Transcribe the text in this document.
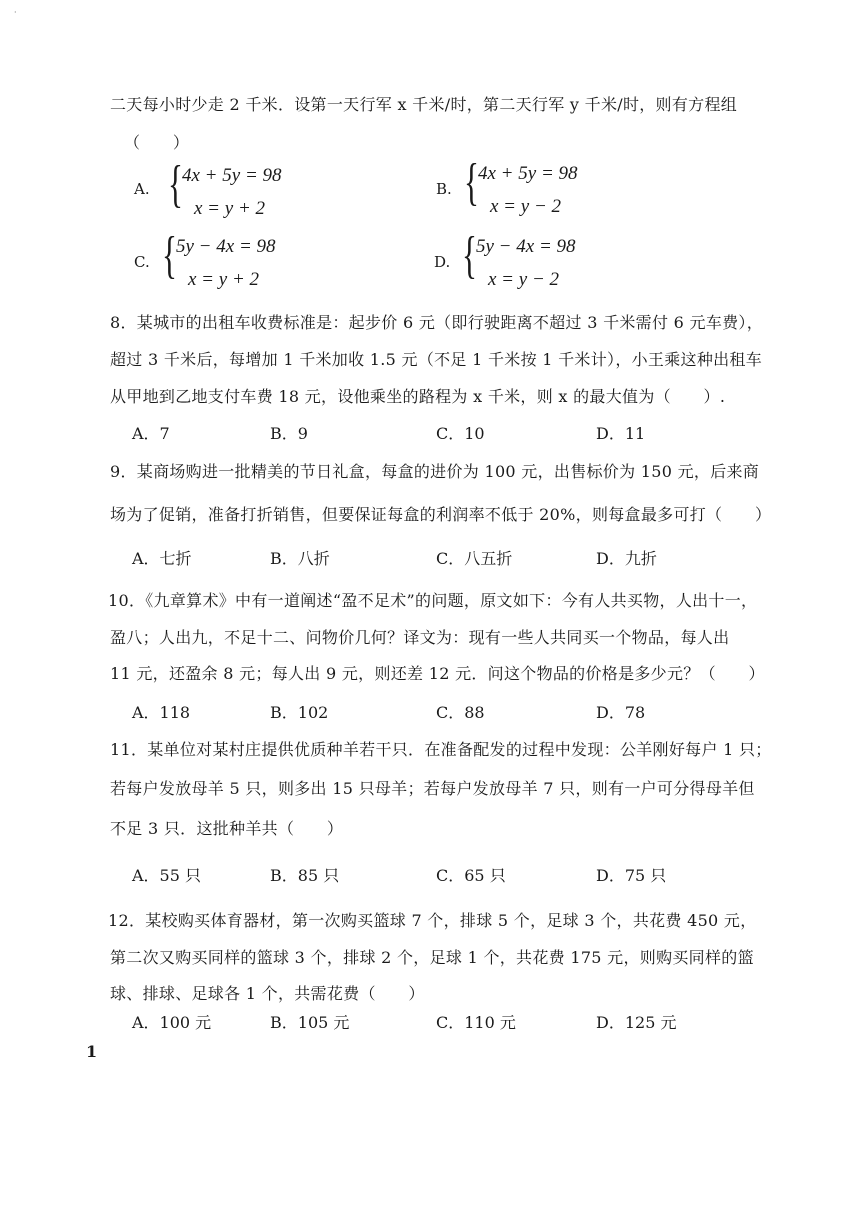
·
二天每小时少走 2 千米．设第一天行军 x 千米/时，第二天行军 y 千米/时，则有方程组
（　　）
A. { 4x + 5y = 98
x = y + 2
B. { 4x + 5y = 98
x = y − 2
C. { 5y − 4x = 98
x = y + 2
D. { 5y − 4x = 98
x = y − 2
8．某城市的出租车收费标准是：起步价 6 元（即行驶距离不超过 3 千米需付 6 元车费），
超过 3 千米后，每增加 1 千米加收 1.5 元（不足 1 千米按 1 千米计），小王乘这种出租车
从甲地到乙地支付车费 18 元，设他乘坐的路程为 x 千米，则 x 的最大值为（　　）.
A．7	B．9	C．10	D．11
9．某商场购进一批精美的节日礼盒，每盒的进价为 100 元，出售标价为 150 元，后来商
场为了促销，准备打折销售，但要保证每盒的利润率不低于 20%，则每盒最多可打（　　）
A．七折	B．八折	C．八五折	D．九折
10．《九章算术》中有一道阐述“盈不足术”的问题，原文如下：今有人共买物，人出十一，
盈八；人出九，不足十二、问物价几何？译文为：现有一些人共同买一个物品，每人出
11 元，还盈余 8 元；每人出 9 元，则还差 12 元．问这个物品的价格是多少元？（　　）
A．118	B．102	C．88	D．78
11．某单位对某村庄提供优质种羊若干只．在准备配发的过程中发现：公羊刚好每户 1 只；
若每户发放母羊 5 只，则多出 15 只母羊；若每户发放母羊 7 只，则有一户可分得母羊但
不足 3 只．这批种羊共（　　）
A．55 只	B．85 只	C．65 只	D．75 只
12．某校购买体育器材，第一次购买篮球 7 个，排球 5 个，足球 3 个，共花费 450 元，
第二次又购买同样的篮球 3 个，排球 2 个，足球 1 个，共花费 175 元，则购买同样的篮
球、排球、足球各 1 个，共需花费（　　）
A．100 元	B．105 元	C．110 元	D．125 元
1
